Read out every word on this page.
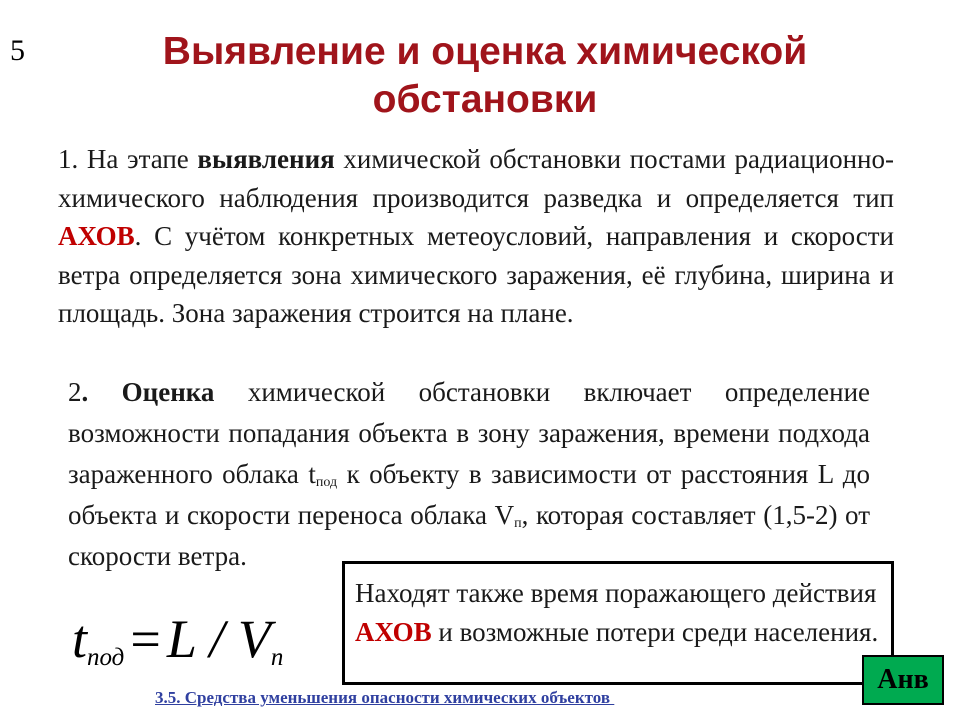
5	Выявление и оценка химической обстановки
1. На этапе выявления химической обстановки постами радиационно-химического наблюдения производится разведка и определяется тип АХОВ. С учётом конкретных метеоусловий, направления и скорости ветра определяется зона химического заражения, её глубина, ширина и площадь. Зона заражения строится на плане.
2. Оценка химической обстановки включает определение возможности попадания объекта в зону заражения, времени подхода зараженного облака $t_{под}$ к объекту в зависимости от расстояния L до объекта и скорости переноса облака $V_п$, которая составляет (1,5-2) от скорости ветра.
tпод = L / Vп
Находят также время поражающего действия АХОВ и возможные потери среди населения.
Анв
3.5. Средства уменьшения опасности химических объектов
